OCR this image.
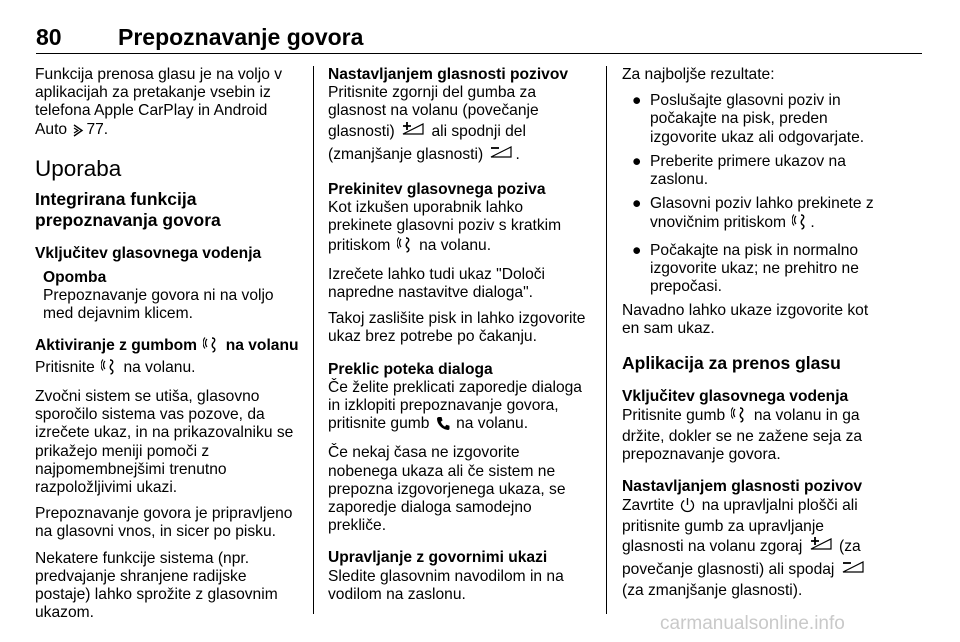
80 Prepoznavanje govora

Funkcija prenosa glasu je na voljo v aplikacijah za pretakanje vsebin iz telefona Apple CarPlay in Android Auto 77.

Uporaba
Integrirana funkcija prepoznavanja govora

Vključitev glasovnega vodenja

Opomba

Prepoznavanje govora ni na voljo med dejavnim klicem.

Aktiviranje z gumbom na volanu

Pritisnite na volanu.

Zvočni sistem se utiša, glasovno sporočilo sistema vas pozove, da izrečete ukaz, in na prikazovalniku se prikažejo meniji pomoči z najpomembnejšimi trenutno razpoložljivimi ukazi.

Prepoznavanje govora je pripravljeno na glasovni vnos, in sicer po pisku.

Nekatere funkcije sistema (npr. predvajanje shranjene radijske postaje) lahko sprožite z glasovnim ukazom.

Nastavljanjem glasnosti pozivov

Pritisnite zgornji del gumba za glasnost na volanu (povečanje glasnosti) ali spodnji del (zmanjšanje glasnosti) .

Prekinitev glasovnega poziva

Kot izkušen uporabnik lahko prekinete glasovni poziv s kratkim pritiskom na volanu.

Izrečete lahko tudi ukaz "Določi napredne nastavitve dialoga".

Takoj zaslišite pisk in lahko izgovorite ukaz brez potrebe po čakanju.

Preklic poteka dialoga

Če želite preklicati zaporedje dialoga in izklopiti prepoznavanje govora, pritisnite gumb na volanu.

Če nekaj časa ne izgovorite nobenega ukaza ali če sistem ne prepozna izgovorjenega ukaza, se zaporedje dialoga samodejno prekliče.

Upravljanje z govornimi ukazi

Sledite glasovnim navodilom in na vodilom na zaslonu.

Za najboljše rezultate:

● Poslušajte glasovni poziv in počakajte na pisk, preden izgovorite ukaz ali odgovarjate.
● Preberite primere ukazov na zaslonu.
● Glasovni poziv lahko prekinete z vnovičnim pritiskom .
● Počakajte na pisk in normalno izgovorite ukaz; ne prehitro ne prepočasi.

Navadno lahko ukaze izgovorite kot en sam ukaz.

Aplikacija za prenos glasu

Vključitev glasovnega vodenja

Pritisnite gumb na volanu in ga držite, dokler se ne zažene seja za prepoznavanje govora.

Nastavljanjem glasnosti pozivov

Zavrtite na upravljalni plošči ali pritisnite gumb za upravljanje glasnosti na volanu zgoraj (za povečanje glasnosti) ali spodaj  (za zmanjšanje glasnosti).

carmanualsonline.info
